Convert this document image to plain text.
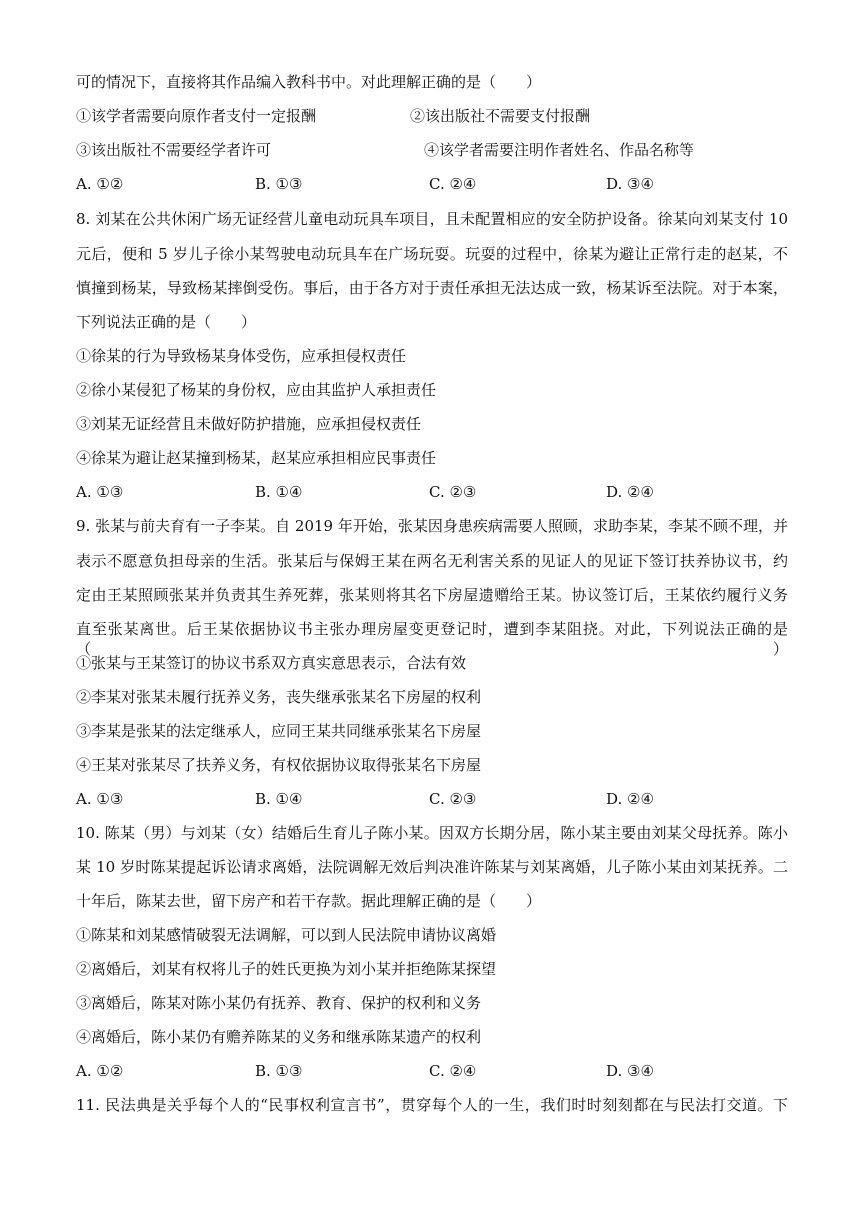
可的情况下，直接将其作品编入教科书中。对此理解正确的是（　　）
①该学者需要向原作者支付一定报酬	②该出版社不需要支付报酬
③该出版社不需要经学者许可	④该学者需要注明作者姓名、作品名称等
A. ①②	B. ①③	C. ②④	D. ③④
8. 刘某在公共休闲广场无证经营儿童电动玩具车项目，且未配置相应的安全防护设备。徐某向刘某支付 10
元后，便和 5 岁儿子徐小某驾驶电动玩具车在广场玩耍。玩耍的过程中，徐某为避让正常行走的赵某，不
慎撞到杨某，导致杨某摔倒受伤。事后，由于各方对于责任承担无法达成一致，杨某诉至法院。对于本案，
下列说法正确的是（　　）
①徐某的行为导致杨某身体受伤，应承担侵权责任
②徐小某侵犯了杨某的身份权，应由其监护人承担责任
③刘某无证经营且未做好防护措施，应承担侵权责任
④徐某为避让赵某撞到杨某，赵某应承担相应民事责任
A. ①③	B. ①④	C. ②③	D. ②④
9. 张某与前夫育有一子李某。自 2019 年开始，张某因身患疾病需要人照顾，求助李某，李某不顾不理，并
表示不愿意负担母亲的生活。张某后与保姆王某在两名无利害关系的见证人的见证下签订扶养协议书，约
定由王某照顾张某并负责其生养死葬，张某则将其名下房屋遗赠给王某。协议签订后，王某依约履行义务
直至张某离世。后王某依据协议书主张办理房屋变更登记时，遭到李某阻挠。对此，下列说法正确的是（　　）
①张某与王某签订的协议书系双方真实意思表示，合法有效
②李某对张某未履行抚养义务，丧失继承张某名下房屋的权利
③李某是张某的法定继承人，应同王某共同继承张某名下房屋
④王某对张某尽了扶养义务，有权依据协议取得张某名下房屋
A. ①③	B. ①④	C. ②③	D. ②④
10. 陈某（男）与刘某（女）结婚后生育儿子陈小某。因双方长期分居，陈小某主要由刘某父母抚养。陈小
某 10 岁时陈某提起诉讼请求离婚，法院调解无效后判决准许陈某与刘某离婚，儿子陈小某由刘某抚养。二
十年后，陈某去世，留下房产和若干存款。据此理解正确的是（　　）
①陈某和刘某感情破裂无法调解，可以到人民法院申请协议离婚
②离婚后，刘某有权将儿子的姓氏更换为刘小某并拒绝陈某探望
③离婚后，陈某对陈小某仍有抚养、教育、保护的权利和义务
④离婚后，陈小某仍有赡养陈某的义务和继承陈某遗产的权利
A. ①②	B. ①③	C. ②④	D. ③④
11. 民法典是关乎每个人的“民事权利宣言书”，贯穿每个人的一生，我们时时刻刻都在与民法打交道。下
